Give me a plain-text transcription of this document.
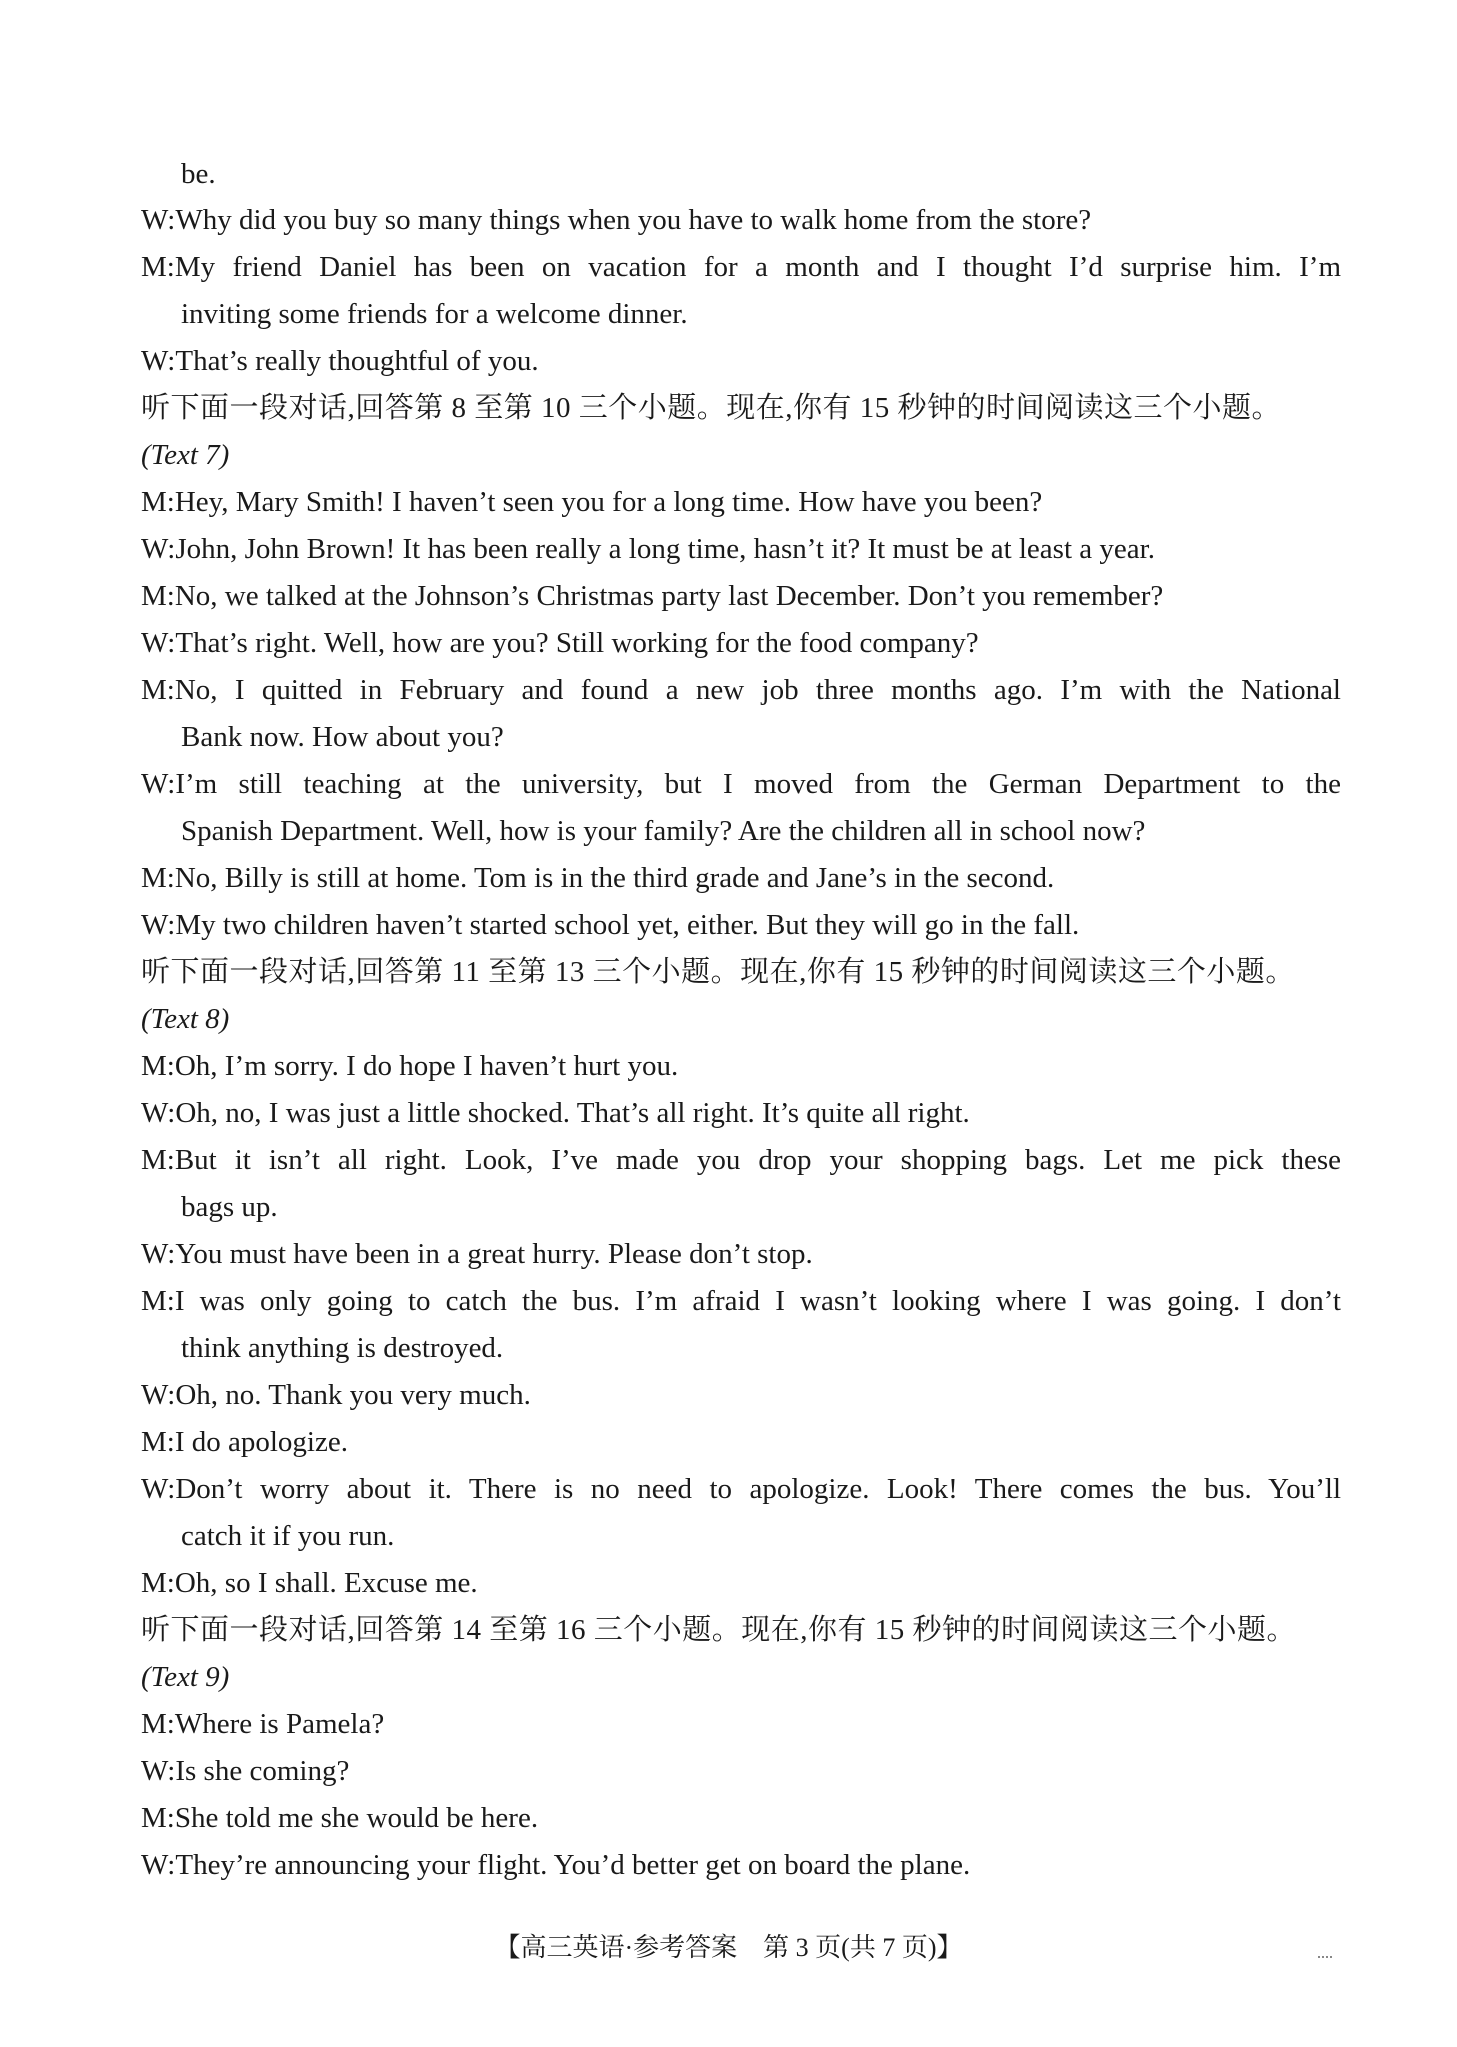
be.
W:Why did you buy so many things when you have to walk home from the store?
M:My friend Daniel has been on vacation for a month and I thought I’d surprise him. I’m
inviting some friends for a welcome dinner.
W:That’s really thoughtful of you.
听下面一段对话,回答第 8 至第 10 三个小题。现在,你有 15 秒钟的时间阅读这三个小题。
(Text 7)
M:Hey, Mary Smith! I haven’t seen you for a long time. How have you been?
W:John, John Brown! It has been really a long time, hasn’t it? It must be at least a year.
M:No, we talked at the Johnson’s Christmas party last December. Don’t you remember?
W:That’s right. Well, how are you? Still working for the food company?
M:No, I quitted in February and found a new job three months ago. I’m with the National
Bank now. How about you?
W:I’m still teaching at the university, but I moved from the German Department to the
Spanish Department. Well, how is your family? Are the children all in school now?
M:No, Billy is still at home. Tom is in the third grade and Jane’s in the second.
W:My two children haven’t started school yet, either. But they will go in the fall.
听下面一段对话,回答第 11 至第 13 三个小题。现在,你有 15 秒钟的时间阅读这三个小题。
(Text 8)
M:Oh, I’m sorry. I do hope I haven’t hurt you.
W:Oh, no, I was just a little shocked. That’s all right. It’s quite all right.
M:But it isn’t all right. Look, I’ve made you drop your shopping bags. Let me pick these
bags up.
W:You must have been in a great hurry. Please don’t stop.
M:I was only going to catch the bus. I’m afraid I wasn’t looking where I was going. I don’t
think anything is destroyed.
W:Oh, no. Thank you very much.
M:I do apologize.
W:Don’t worry about it. There is no need to apologize. Look! There comes the bus. You’ll
catch it if you run.
M:Oh, so I shall. Excuse me.
听下面一段对话,回答第 14 至第 16 三个小题。现在,你有 15 秒钟的时间阅读这三个小题。
(Text 9)
M:Where is Pamela?
W:Is she coming?
M:She told me she would be here.
W:They’re announcing your flight. You’d better get on board the plane.
【高三英语·参考答案　第 3 页(共 7 页)】
